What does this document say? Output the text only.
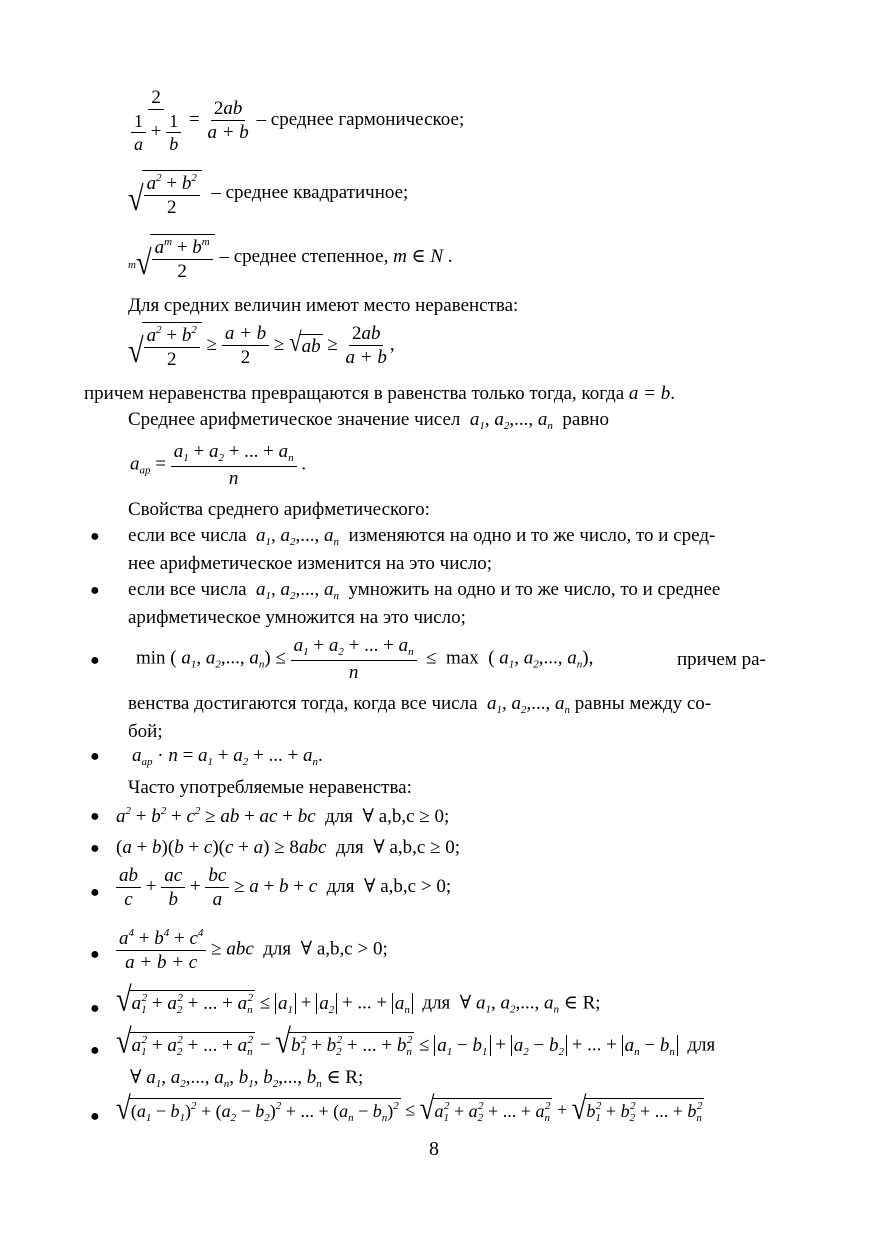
$\frac{2}{\frac{1}{a} + \frac{1}{b}} = \frac{2ab}{a + b}$ – среднее гармоническое;
√ $\frac{a^2 + b^2}{2}$ – среднее квадратичное;
$_m$ √ $\frac{a^m + b^m}{2}$ – среднее степенное, m ∈ N .
Для средних величин имеют место неравенства:
√ $\frac{a^2 + b^2}{2} \ge \frac{a + b}{2}$ ≥ √ ab ≥ $\frac{2ab}{a + b}$ ,
причем неравенства превращаются в равенства только тогда, когда a = b.
Среднее арифметическое значение чисел $a_1$, $a_2$,..., $a_n$ равно
$a_{ар} = \frac{a_1 + a_2 + ... + a_n}{n}$ .
Свойства среднего арифметического:
● если все числа $a_1$, $a_2$,..., $a_n$ изменяются на одно и то же число, то и сред-
нее арифметическое изменится на это число;
● если все числа $a_1$, $a_2$,..., $a_n$ умножить на одно и то же число, то и среднее
арифметическое умножится на это число;
● min ( $a_1$, $a_2$,..., $a_n) \le \frac{a_1 + a_2 + ... + a_n}{n} \le \max$  ( $a_1$, $a_2$,..., $a_n$),	причем ра-
венства достигаются тогда, когда все числа $a_1$, $a_2$,..., $a_n$ равны между со-
бой;
● $a_{ар} \cdot n = a_1 + a_2$ + ... + $a_n$.
Часто употребляемые неравенства:
● $a^2 + b^2 + c^2$ ≥ ab + ac + bc для ∀ a,b,c ≥ 0;
● (a + b)(b + c)(c + a) ≥ 8abc для ∀ a,b,c ≥ 0;
● $\frac{ab}{c} + \frac{ac}{b} + \frac{bc}{a} \ge a + b + c$ для ∀ a,b,c > 0;
● $\frac{a^4 + b^4 + c^4}{a + b + c}$ ≥ abc для ∀ a,b,c > 0;
● √ $a_1^2 + a_2^2$ + ... + $a_n^2 \le a_1 + a_2$ + ... + $a_n$ для  ∀ $a_1$, $a_2$,..., $a_n$ ∈ R;
● √ $a_1^2 + a_2^2$ + ... + $a_n^2$ − √ $b_1^2 + b_2^2$ + ... + $b_n^2 \le a_1 - b_1 + a_2 - b_2$ + ... + $a_n - b_n$ для
∀ $a_1$, $a_2$,..., $a_n$, $b_1$, $b_2$,..., $b_n$ ∈ R;
● √ $(a_1 - b_1)^2 + (a_2 - b_2)^2$ + ... + $(a_n - b_n)^2$ ≤ √ $a_1^2 + a_2^2$ + ... + $a_n^2$ + √ $b_1^2 + b_2^2$ + ... + $b_n^2$
8
